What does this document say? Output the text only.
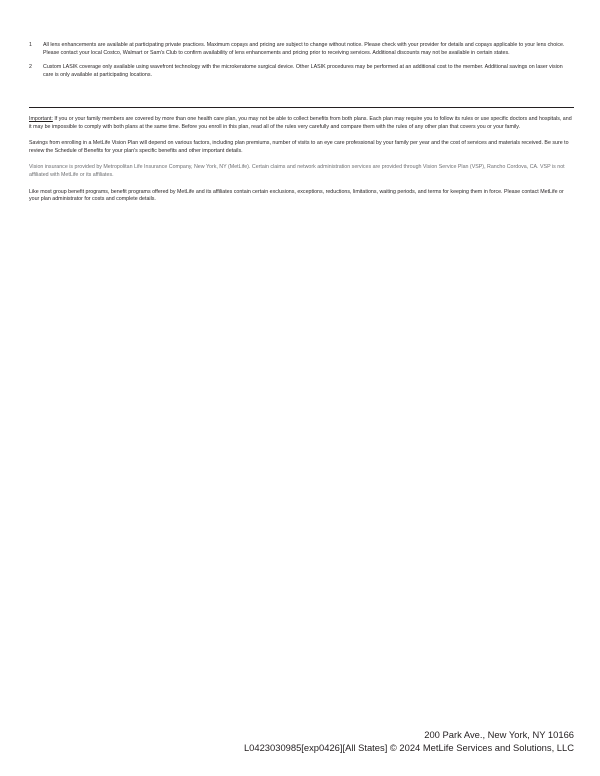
1	All lens enhancements are available at participating private practices. Maximum copays and pricing are subject to change without notice. Please check with your provider for details and copays applicable to your lens choice. Please contact your local Costco, Walmart or Sam's Club to confirm availability of lens enhancements and pricing prior to receiving services. Additional discounts may not be available in certain states.
2	Custom LASIK coverage only available using wavefront technology with the microkeratome surgical device. Other LASIK procedures may be performed at an additional cost to the member. Additional savings on laser vision care is only available at participating locations.
Important: If you or your family members are covered by more than one health care plan, you may not be able to collect benefits from both plans. Each plan may require you to follow its rules or use specific doctors and hospitals, and it may be impossible to comply with both plans at the same time. Before you enroll in this plan, read all of the rules very carefully and compare them with the rules of any other plan that covers you or your family.
Savings from enrolling in a MetLife Vision Plan will depend on various factors, including plan premiums, number of visits to an eye care professional by your family per year and the cost of services and materials received. Be sure to review the Schedule of Benefits for your plan's specific benefits and other important details.
Vision insurance is provided by Metropolitan Life Insurance Company, New York, NY (MetLife). Certain claims and network administration services are provided through Vision Service Plan (VSP), Rancho Cordova, CA. VSP is not affiliated with MetLife or its affiliates.
Like most group benefit programs, benefit programs offered by MetLife and its affiliates contain certain exclusions, exceptions, reductions, limitations, waiting periods, and terms for keeping them in force. Please contact MetLife or your plan administrator for costs and complete details.
200 Park Ave., New York, NY 10166
L0423030985[exp0426][All States] © 2024 MetLife Services and Solutions, LLC
